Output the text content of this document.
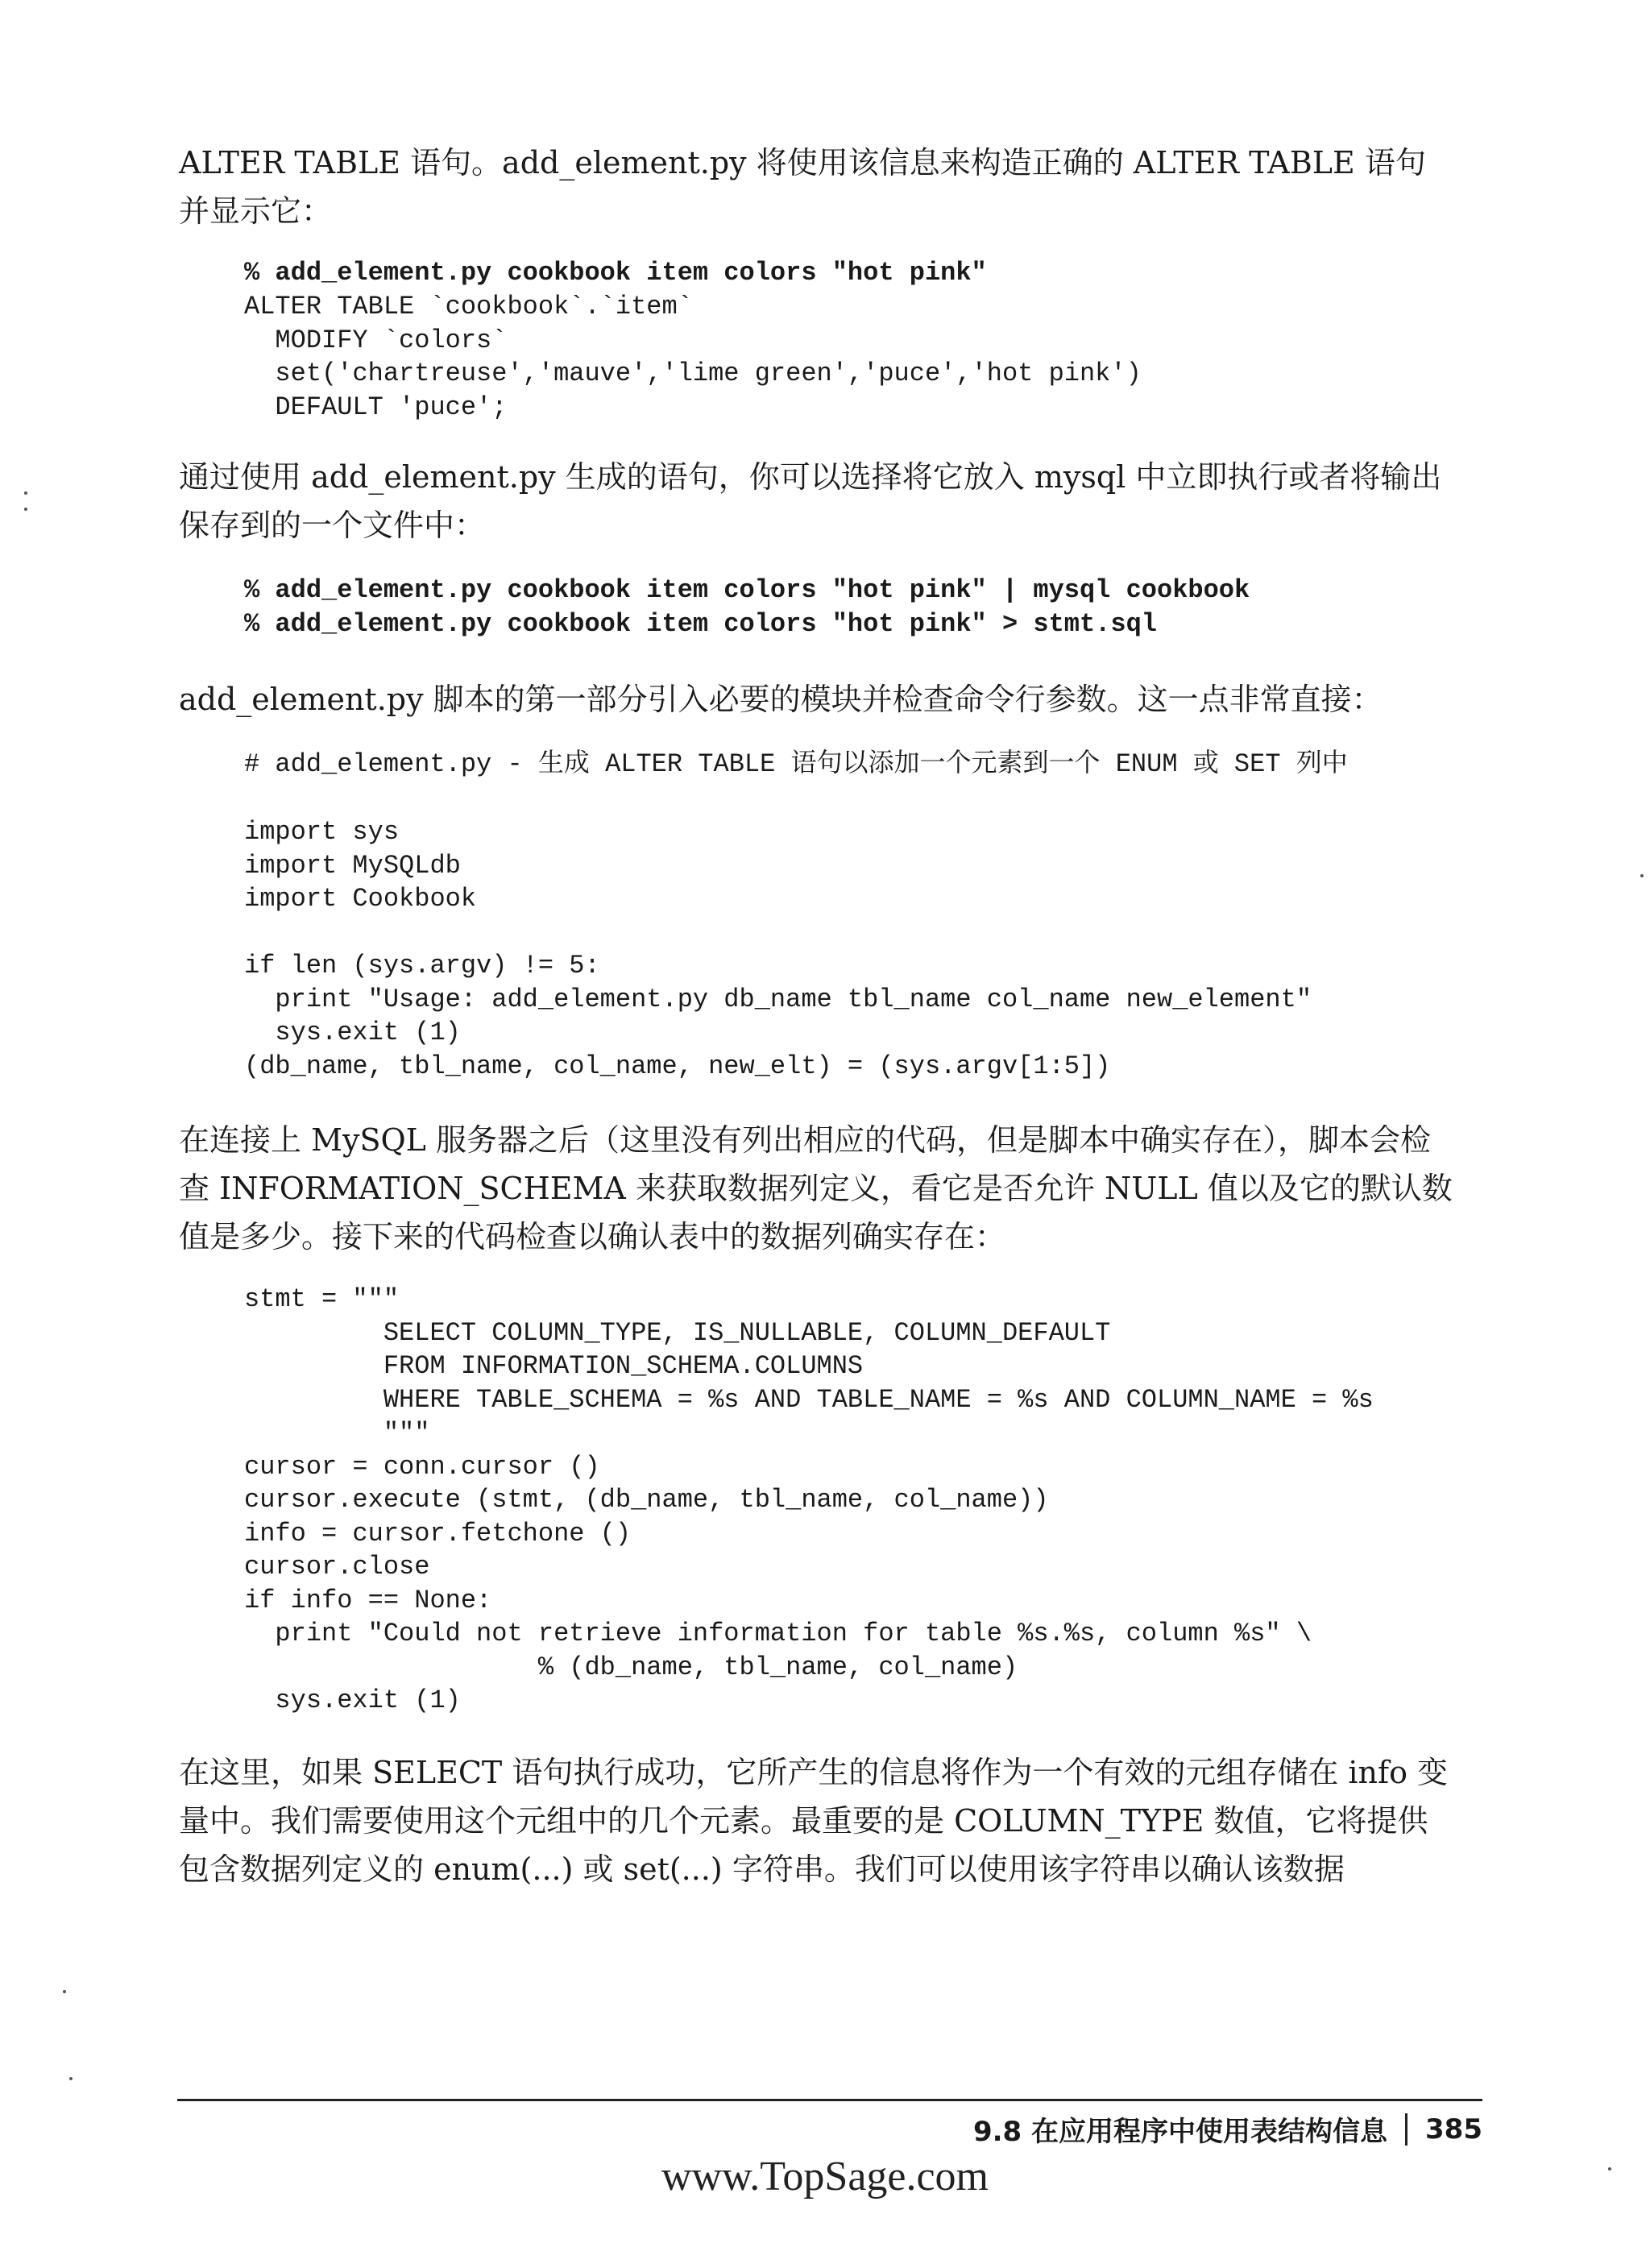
ALTER TABLE 语句。add_element.py 将使用该信息来构造正确的 ALTER TABLE 语句并显示它：

% add_element.py cookbook item colors "hot pink"
ALTER TABLE `cookbook`.`item`
MODIFY `colors`
set('chartreuse','mauve','lime green','puce','hot pink')
DEFAULT 'puce';

通过使用 add_element.py 生成的语句，你可以选择将它放入 mysql 中立即执行或者将输出保存到的一个文件中：

% add_element.py cookbook item colors "hot pink" | mysql cookbook
% add_element.py cookbook item colors "hot pink" > stmt.sql

add_element.py 脚本的第一部分引入必要的模块并检查命令行参数。这一点非常直接：

# add_element.py - 生成 ALTER TABLE 语句以添加一个元素到一个 ENUM 或 SET 列中
import sys
import MySQLdb
import Cookbook

if len (sys.argv) != 5:
print "Usage: add_element.py db_name tbl_name col_name new_element"
sys.exit (1)
(db_name, tbl_name, col_name, new_elt) = (sys.argv[1:5])

在连接上 MySQL 服务器之后（这里没有列出相应的代码，但是脚本中确实存在），脚本会检查 INFORMATION_SCHEMA 来获取数据列定义，看它是否允许 NULL 值以及它的默认数值是多少。接下来的代码检查以确认表中的数据列确实存在：

stmt = """
SELECT COLUMN_TYPE, IS_NULLABLE, COLUMN_DEFAULT
FROM INFORMATION_SCHEMA.COLUMNS
WHERE TABLE_SCHEMA = %s AND TABLE_NAME = %s AND COLUMN_NAME = %s
"""
cursor = conn.cursor ()
cursor.execute (stmt, (db_name, tbl_name, col_name))
info = cursor.fetchone ()
cursor.close
if info == None:
print "Could not retrieve information for table %s.%s, column %s" \
% (db_name, tbl_name, col_name)
sys.exit (1)

在这里，如果 SELECT 语句执行成功，它所产生的信息将作为一个有效的元组存储在 info 变量中。我们需要使用这个元组中的几个元素。最重要的是 COLUMN_TYPE 数值，它将提供包含数据列定义的 enum(...) 或 set(...) 字符串。我们可以使用该字符串以确认该数据

9.8 在应用程序中使用表结构信息 385
www.TopSage.com
